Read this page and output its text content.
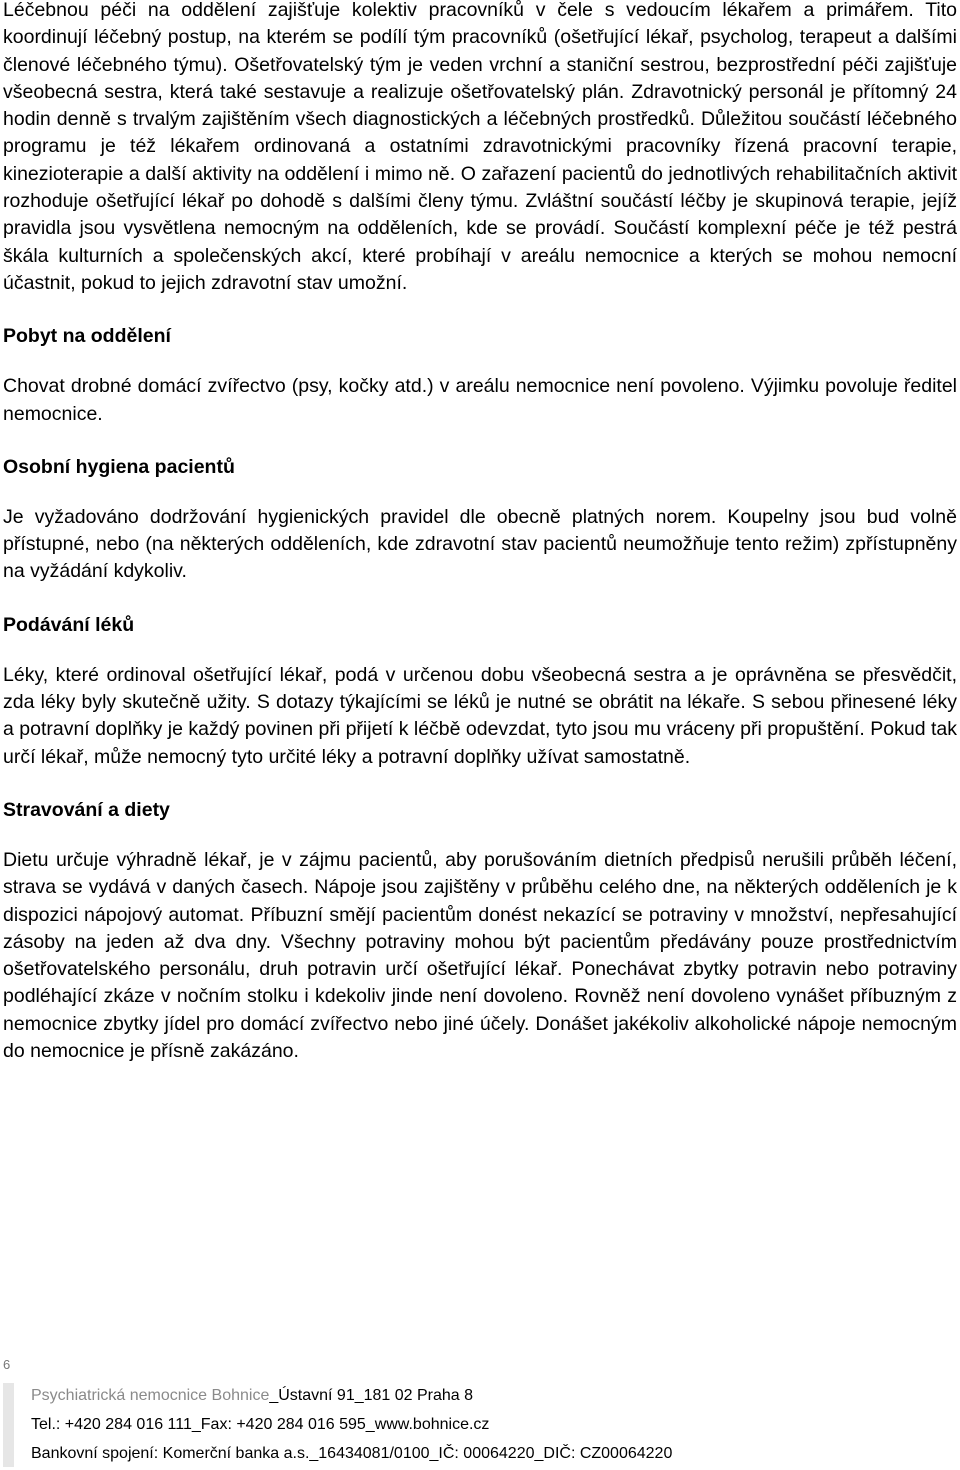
Léčebnou péči na oddělení zajišťuje kolektiv pracovníků v čele s vedoucím lékařem a primářem. Tito koordinují léčebný postup, na kterém se podílí tým pracovníků (ošetřující lékař, psycholog, terapeut a dalšími členové léčebného týmu). Ošetřovatelský tým je veden vrchní a staniční sestrou, bezprostřední péči zajišťuje všeobecná sestra, která také sestavuje a realizuje ošetřovatelský plán. Zdravotnický personál je přítomný 24 hodin denně s trvalým zajištěním všech diagnostických a léčebných prostředků. Důležitou součástí léčebného programu je též lékařem ordinovaná a ostatními zdravotnickými pracovníky řízená pracovní terapie, kinezioterapie a další aktivity na oddělení i mimo ně. O zařazení pacientů do jednotlivých rehabilitačních aktivit rozhoduje ošetřující lékař po dohodě s dalšími členy týmu. Zvláštní součástí léčby je skupinová terapie, jejíž pravidla jsou vysvětlena nemocným na odděleních, kde se provádí. Součástí komplexní péče je též pestrá škála kulturních a společenských akcí, které probíhají v areálu nemocnice a kterých se mohou nemocní účastnit, pokud to jejich zdravotní stav umožní.

Pobyt na oddělení

Chovat drobné domácí zvířectvo (psy, kočky atd.) v areálu nemocnice není povoleno. Výjimku povoluje ředitel nemocnice.

Osobní hygiena pacientů

Je vyžadováno dodržování hygienických pravidel dle obecně platných norem. Koupelny jsou bud volně přístupné, nebo (na některých odděleních, kde zdravotní stav pacientů neumožňuje tento režim) zpřístupněny na vyžádání kdykoliv.

Podávání léků

Léky, které ordinoval ošetřující lékař, podá v určenou dobu všeobecná sestra a je oprávněna se přesvědčit, zda léky byly skutečně užity. S dotazy týkajícími se léků je nutné se obrátit na lékaře. S sebou přinesené léky a potravní doplňky je každý povinen při přijetí k léčbě odevzdat, tyto jsou mu vráceny při propuštění. Pokud tak určí lékař, může nemocný tyto určité léky a potravní doplňky užívat samostatně.

Stravování a diety

Dietu určuje výhradně lékař, je v zájmu pacientů, aby porušováním dietních předpisů nerušili průběh léčení, strava se vydává v daných časech. Nápoje jsou zajištěny v průběhu celého dne, na některých odděleních je k dispozici nápojový automat. Příbuzní smějí pacientům donést nekazící se potraviny v množství, nepřesahující zásoby na jeden až dva dny. Všechny potraviny mohou být pacientům předávány pouze prostřednictvím ošetřovatelského personálu, druh potravin určí ošetřující lékař. Ponechávat zbytky potravin nebo potraviny podléhající zkáze v nočním stolku i kdekoliv jinde není dovoleno. Rovněž není dovoleno vynášet příbuzným z nemocnice zbytky jídel pro domácí zvířectvo nebo jiné účely. Donášet jakékoliv alkoholické nápoje nemocným do nemocnice je přísně zakázáno.

6
Psychiatrická nemocnice Bohnice_Ústavní 91_181 02 Praha 8
Tel.: +420 284 016 111_Fax: +420 284 016 595_www.bohnice.cz
Bankovní spojení: Komerční banka a.s._16434081/0100_IČ: 00064220_DIČ: CZ00064220
